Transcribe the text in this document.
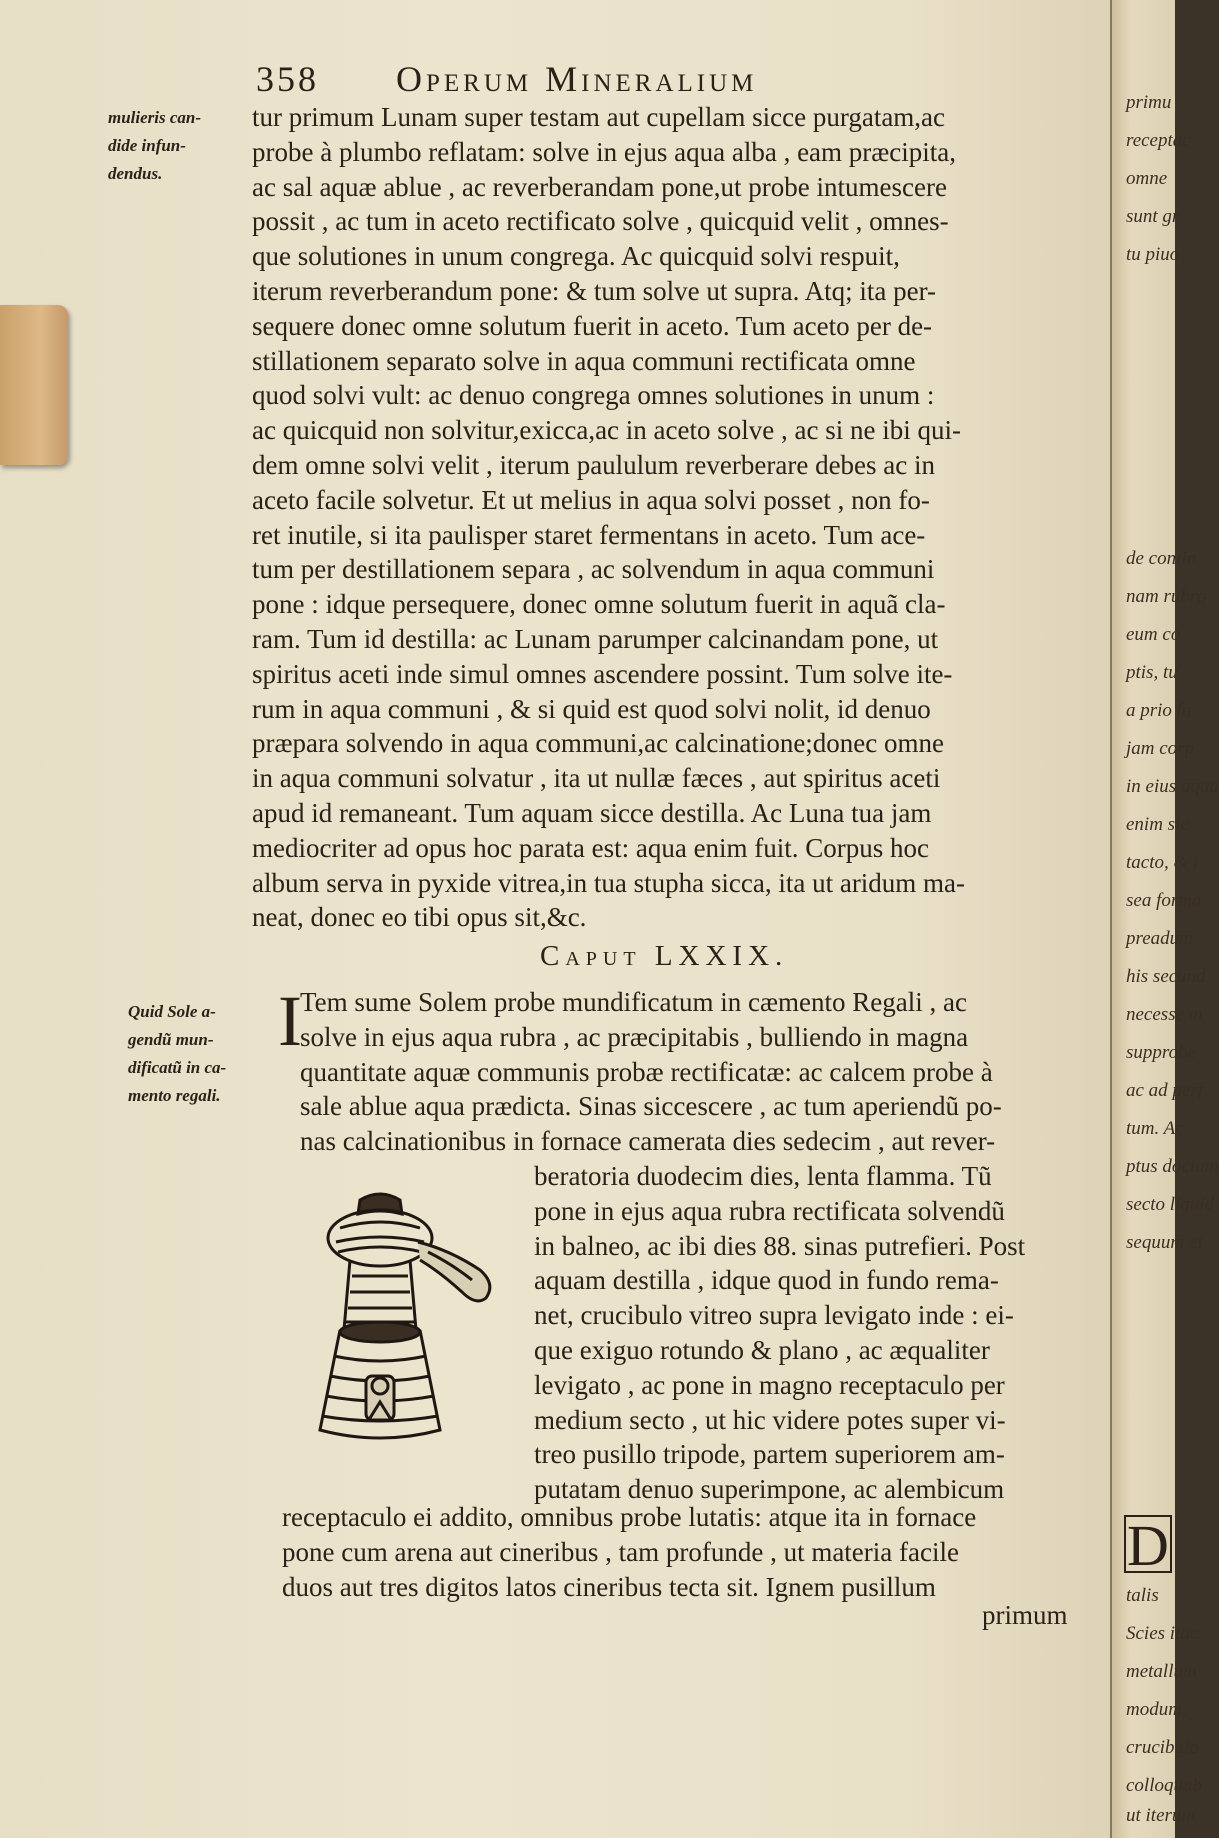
358 Operum Mineralium
mulieris can-
dide infun-
dendus.
tur primum Lunam super testam aut cupellam sicce purgatam,ac
probe à plumbo reflatam: solve in ejus aqua alba , eam præcipita,
ac sal aquæ ablue , ac reverberandam pone,ut probe intumescere
possit , ac tum in aceto rectificato solve , quicquid velit , omnes-
que solutiones in unum congrega. Ac quicquid solvi respuit,
iterum reverberandum pone: & tum solve ut supra. Atq; ita per-
sequere donec omne solutum fuerit in aceto. Tum aceto per de-
stillationem separato solve in aqua communi rectificata omne
quod solvi vult: ac denuo congrega omnes solutiones in unum :
ac quicquid non solvitur,exicca,ac in aceto solve , ac si ne ibi qui-
dem omne solvi velit , iterum paululum reverberare debes ac in
aceto facile solvetur. Et ut melius in aqua solvi posset , non fo-
ret inutile, si ita paulisper staret fermentans in aceto. Tum ace-
tum per destillationem separa , ac solvendum in aqua communi
pone : idque persequere, donec omne solutum fuerit in aquã cla-
ram. Tum id destilla: ac Lunam parumper calcinandam pone, ut
spiritus aceti inde simul omnes ascendere possint. Tum solve ite-
rum in aqua communi , & si quid est quod solvi nolit, id denuo
præpara solvendo in aqua communi,ac calcinatione;donec omne
in aqua communi solvatur , ita ut nullæ fæces , aut spiritus aceti
apud id remaneant. Tum aquam sicce destilla. Ac Luna tua jam
mediocriter ad opus hoc parata est: aqua enim fuit. Corpus hoc
album serva in pyxide vitrea,in tua stupha sicca, ita ut aridum ma-
neat, donec eo tibi opus sit,&c.
Caput LXXIX.
Quid Sole a-
gendũ mun-
dificatũ in ca-
mento regali.
I
Tem sume Solem probe mundificatum in cæmento Regali , ac
solve in ejus aqua rubra , ac præcipitabis , bulliendo in magna
quantitate aquæ communis probæ rectificatæ: ac calcem probe à
sale ablue aqua prædicta. Sinas siccescere , ac tum aperiendũ po-
nas calcinationibus in fornace camerata dies sedecim , aut rever-
beratoria duodecim dies, lenta flamma. Tũ
pone in ejus aqua rubra rectificata solvendũ
in balneo, ac ibi dies 88. sinas putrefieri. Post
aquam destilla , idque quod in fundo rema-
net, crucibulo vitreo supra levigato inde : ei-
que exiguo rotundo & plano , ac æqualiter
levigato , ac pone in magno receptaculo per
medium secto , ut hic videre potes super vi-
treo pusillo tripode, partem superiorem am-
putatam denuo superimpone, ac alembicum
receptaculo ei addito, omnibus probe lutatis: atque ita in fornace
pone cum arena aut cineribus , tam profunde , ut materia facile
duos aut tres digitos latos cineribus tecta sit. Ignem pusillum
primum
primu
receptac
omne
sunt gr
tu piuo
de contin
nam rubra
eum co
ptis, tu
a prio fa
jam corp
in eius aqua
enim sic
tacto, & i
sea forma
preadum
his secund
necesse m
supprobe
ac ad perf
tum. Ac
ptus doctum
secto liquid
sequum ei
D
talis
Scies itac
metallum
modum,
crucibulo
colloquab
ut iterum
